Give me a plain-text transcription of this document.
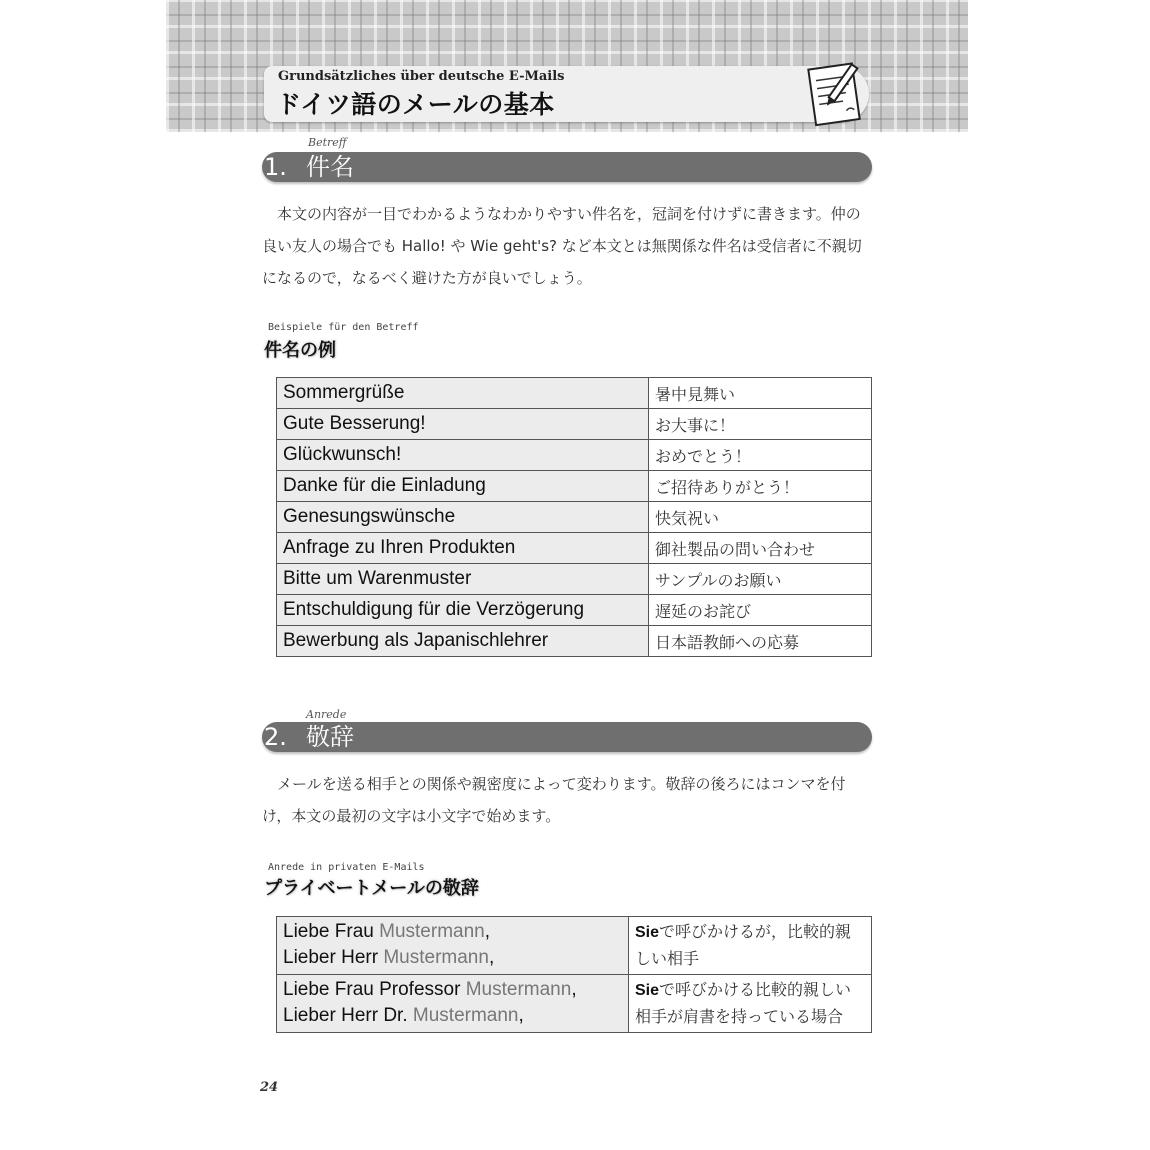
Grundsätzliches über deutsche E-Mails
ドイツ語のメールの基本
Betreff
1. 件名

本文の内容が一目でわかるようなわかりやすい件名を，冠詞を付けずに書きます。仲の良い友人の場合でも Hallo! や Wie geht's? など本文とは無関係な件名は受信者に不親切になるので，なるべく避けた方が良いでしょう。

Beispiele für den Betreff
件名の例
Sommergrüße	暑中見舞い
Gute Besserung!	お大事に！
Glückwunsch!	おめでとう！
Danke für die Einladung	ご招待ありがとう！
Genesungswünsche	快気祝い
Anfrage zu Ihren Produkten	御社製品の問い合わせ
Bitte um Warenmuster	サンプルのお願い
Entschuldigung für die Verzögerung	遅延のお詫び
Bewerbung als Japanischlehrer	日本語教師への応募
Anrede
2. 敬辞

メールを送る相手との関係や親密度によって変わります。敬辞の後ろにはコンマを付け，本文の最初の文字は小文字で始めます。

Anrede in privaten E-Mails
プライベートメールの敬辞
Liebe Frau Mustermann,
Lieber Herr Mustermann,	Sieで呼びかけるが，比較的親しい相手

Liebe Frau Professor Mustermann,
Lieber Herr Dr. Mustermann,	Sieで呼びかける比較的親しい相手が肩書を持っている場合
24
